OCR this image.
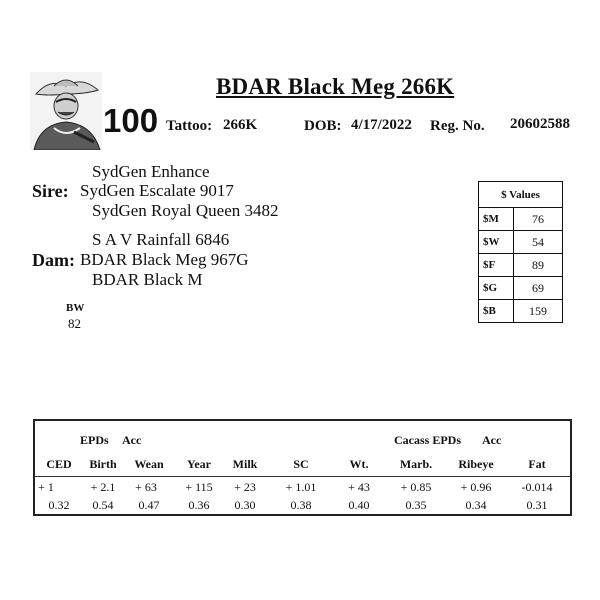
BDAR Black Meg 266K
100 Tattoo: 266K	DOB: 4/17/2022 Reg. No. 20602588
SydGen Enhance
Sire: SydGen Escalate 9017
SydGen Royal Queen 3482
S A V Rainfall 6846
Dam: BDAR Black Meg 967G
BDAR Black M
BW
82
$ Values	
$M	76
$W	54
$F	89
$G	69
$B	159
EPDs Acc	Cacass EPDs Acc
CED	Birth	Wean	Year	Milk	SC	Wt.	Marb.	Ribeye	Fat
+ 1	+ 2.1	+ 63	+ 115	+ 23	+ 1.01	+ 43	+ 0.85	+ 0.96	-0.014
0.32	0.54	0.47	0.36	0.30	0.38	0.40	0.35	0.34	0.31
